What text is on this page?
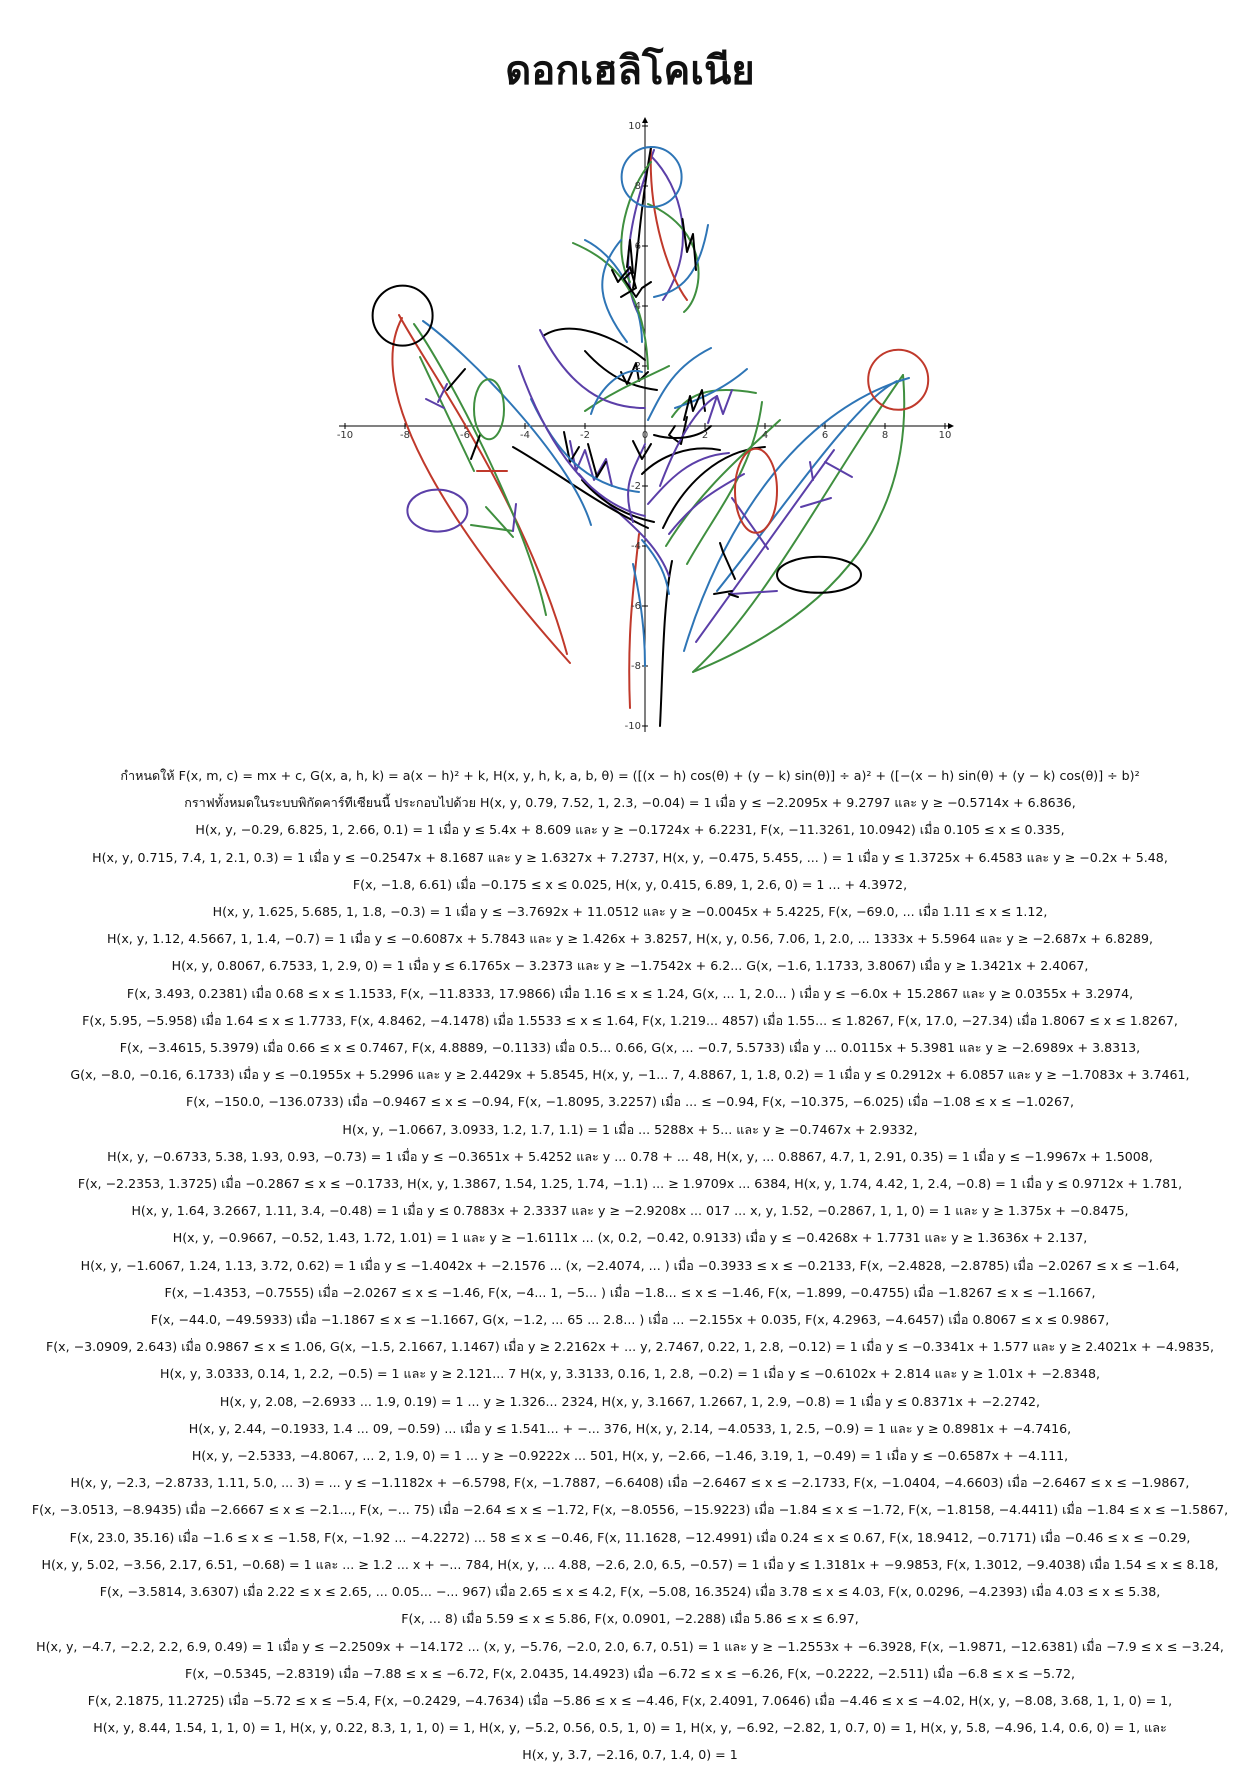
ดอกเฮลิโคเนีย
-10	-8	-6	-4	-2	0	2	4	6	8	10
10
8
6
4
2
-2
-4
-6
-8
-10
กำหนดให้ F(x, m, c) = mx + c, G(x, a, h, k) = a(x − h)² + k, H(x, y, h, k, a, b, θ) = ([(x − h) cos(θ) + (y − k) sin(θ)] ÷ a)² + ([−(x − h) sin(θ) + (y − k) cos(θ)] ÷ b)²
กราฟทั้งหมดในระบบพิกัดคาร์ทีเซียนนี้ ประกอบไปด้วย H(x, y, 0.79, 7.52, 1, 2.3, −0.04) = 1 เมื่อ y ≤ −2.2095x + 9.2797 และ y ≥ −0.5714x + 6.8636,
H(x, y, −0.29, 6.825, 1, 2.66, 0.1) = 1 เมื่อ y ≤ 5.4x + 8.609 และ y ≥ −0.1724x + 6.2231, F(x, −11.3261, 10.0942) เมื่อ 0.105 ≤ x ≤ 0.335,
H(x, y, 0.715, 7.4, 1, 2.1, 0.3) = 1 เมื่อ y ≤ −0.2547x + 8.1687 และ y ≥ 1.6327x + 7.2737, H(x, y, −0.475, 5.455, ... ) = 1 เมื่อ y ≤ 1.3725x + 6.4583 และ y ≥ −0.2x + 5.48,
F(x, −1.8, 6.61) เมื่อ −0.175 ≤ x ≤ 0.025, H(x, y, 0.415, 6.89, 1, 2.6, 0) = 1 ... + 4.3972,
H(x, y, 1.625, 5.685, 1, 1.8, −0.3) = 1 เมื่อ y ≤ −3.7692x + 11.0512 และ y ≥ −0.0045x + 5.4225, F(x, −69.0, ... เมื่อ 1.11 ≤ x ≤ 1.12,
H(x, y, 1.12, 4.5667, 1, 1.4, −0.7) = 1 เมื่อ y ≤ −0.6087x + 5.7843 และ y ≥ 1.426x + 3.8257, H(x, y, 0.56, 7.06, 1, 2.0, ... 1333x + 5.5964 และ y ≥ −2.687x + 6.8289,
H(x, y, 0.8067, 6.7533, 1, 2.9, 0) = 1 เมื่อ y ≤ 6.1765x − 3.2373 และ y ≥ −1.7542x + 6.2... G(x, −1.6, 1.1733, 3.8067) เมื่อ y ≥ 1.3421x + 2.4067,
F(x, 3.493, 0.2381) เมื่อ 0.68 ≤ x ≤ 1.1533, F(x, −11.8333, 17.9866) เมื่อ 1.16 ≤ x ≤ 1.24, G(x, ... 1, 2.0... ) เมื่อ y ≤ −6.0x + 15.2867 และ y ≥ 0.0355x + 3.2974,
F(x, 5.95, −5.958) เมื่อ 1.64 ≤ x ≤ 1.7733, F(x, 4.8462, −4.1478) เมื่อ 1.5533 ≤ x ≤ 1.64, F(x, 1.219... 4857) เมื่อ 1.55... ≤ 1.8267, F(x, 17.0, −27.34) เมื่อ 1.8067 ≤ x ≤ 1.8267,
F(x, −3.4615, 5.3979) เมื่อ 0.66 ≤ x ≤ 0.7467, F(x, 4.8889, −0.1133) เมื่อ 0.5... 0.66, G(x, ... −0.7, 5.5733) เมื่อ y ... 0.0115x + 5.3981 และ y ≥ −2.6989x + 3.8313,
G(x, −8.0, −0.16, 6.1733) เมื่อ y ≤ −0.1955x + 5.2996 และ y ≥ 2.4429x + 5.8545, H(x, y, −1... 7, 4.8867, 1, 1.8, 0.2) = 1 เมื่อ y ≤ 0.2912x + 6.0857 และ y ≥ −1.7083x + 3.7461,
F(x, −150.0, −136.0733) เมื่อ −0.9467 ≤ x ≤ −0.94, F(x, −1.8095, 3.2257) เมื่อ ... ≤ −0.94, F(x, −10.375, −6.025) เมื่อ −1.08 ≤ x ≤ −1.0267,
H(x, y, −1.0667, 3.0933, 1.2, 1.7, 1.1) = 1 เมื่อ ... 5288x + 5... และ y ≥ −0.7467x + 2.9332,
H(x, y, −0.6733, 5.38, 1.93, 0.93, −0.73) = 1 เมื่อ y ≤ −0.3651x + 5.4252 และ y ... 0.78 + ... 48, H(x, y, ... 0.8867, 4.7, 1, 2.91, 0.35) = 1 เมื่อ y ≤ −1.9967x + 1.5008,
F(x, −2.2353, 1.3725) เมื่อ −0.2867 ≤ x ≤ −0.1733, H(x, y, 1.3867, 1.54, 1.25, 1.74, −1.1) ... ≥ 1.9709x ... 6384, H(x, y, 1.74, 4.42, 1, 2.4, −0.8) = 1 เมื่อ y ≤ 0.9712x + 1.781,
H(x, y, 1.64, 3.2667, 1.11, 3.4, −0.48) = 1 เมื่อ y ≤ 0.7883x + 2.3337 และ y ≥ −2.9208x ... 017 ... x, y, 1.52, −0.2867, 1, 1, 0) = 1 และ y ≥ 1.375x + −0.8475,
H(x, y, −0.9667, −0.52, 1.43, 1.72, 1.01) = 1 และ y ≥ −1.6111x ... (x, 0.2, −0.42, 0.9133) เมื่อ y ≤ −0.4268x + 1.7731 และ y ≥ 1.3636x + 2.137,
H(x, y, −1.6067, 1.24, 1.13, 3.72, 0.62) = 1 เมื่อ y ≤ −1.4042x + −2.1576 ... (x, −2.4074, ... ) เมื่อ −0.3933 ≤ x ≤ −0.2133, F(x, −2.4828, −2.8785) เมื่อ −2.0267 ≤ x ≤ −1.64,
F(x, −1.4353, −0.7555) เมื่อ −2.0267 ≤ x ≤ −1.46, F(x, −4... 1, −5... ) เมื่อ −1.8... ≤ x ≤ −1.46, F(x, −1.899, −0.4755) เมื่อ −1.8267 ≤ x ≤ −1.1667,
F(x, −44.0, −49.5933) เมื่อ −1.1867 ≤ x ≤ −1.1667, G(x, −1.2, ... 65 ... 2.8... ) เมื่อ ... −2.155x + 0.035, F(x, 4.2963, −4.6457) เมื่อ 0.8067 ≤ x ≤ 0.9867,
F(x, −3.0909, 2.643) เมื่อ 0.9867 ≤ x ≤ 1.06, G(x, −1.5, 2.1667, 1.1467) เมื่อ y ≥ 2.2162x + ... y, 2.7467, 0.22, 1, 2.8, −0.12) = 1 เมื่อ y ≤ −0.3341x + 1.577 และ y ≥ 2.4021x + −4.9835,
H(x, y, 3.0333, 0.14, 1, 2.2, −0.5) = 1 และ y ≥ 2.121... 7 H(x, y, 3.3133, 0.16, 1, 2.8, −0.2) = 1 เมื่อ y ≤ −0.6102x + 2.814 และ y ≥ 1.01x + −2.8348,
H(x, y, 2.08, −2.6933 ... 1.9, 0.19) = 1 ... y ≥ 1.326... 2324, H(x, y, 3.1667, 1.2667, 1, 2.9, −0.8) = 1 เมื่อ y ≤ 0.8371x + −2.2742,
H(x, y, 2.44, −0.1933, 1.4 ... 09, −0.59) ... เมื่อ y ≤ 1.541... + −... 376, H(x, y, 2.14, −4.0533, 1, 2.5, −0.9) = 1 และ y ≥ 0.8981x + −4.7416,
H(x, y, −2.5333, −4.8067, ... 2, 1.9, 0) = 1 ... y ≥ −0.9222x ... 501, H(x, y, −2.66, −1.46, 3.19, 1, −0.49) = 1 เมื่อ y ≤ −0.6587x + −4.111,
H(x, y, −2.3, −2.8733, 1.11, 5.0, ... 3) = ... y ≤ −1.1182x + −6.5798, F(x, −1.7887, −6.6408) เมื่อ −2.6467 ≤ x ≤ −2.1733, F(x, −1.0404, −4.6603) เมื่อ −2.6467 ≤ x ≤ −1.9867,
F(x, −3.0513, −8.9435) เมื่อ −2.6667 ≤ x ≤ −2.1..., F(x, −... 75) เมื่อ −2.64 ≤ x ≤ −1.72, F(x, −8.0556, −15.9223) เมื่อ −1.84 ≤ x ≤ −1.72, F(x, −1.8158, −4.4411) เมื่อ −1.84 ≤ x ≤ −1.5867,
F(x, 23.0, 35.16) เมื่อ −1.6 ≤ x ≤ −1.58, F(x, −1.92 ... −4.2272) ... 58 ≤ x ≤ −0.46, F(x, 11.1628, −12.4991) เมื่อ 0.24 ≤ x ≤ 0.67, F(x, 18.9412, −0.7171) เมื่อ −0.46 ≤ x ≤ −0.29,
H(x, y, 5.02, −3.56, 2.17, 6.51, −0.68) = 1 และ ... ≥ 1.2 ... x + −... 784, H(x, y, ... 4.88, −2.6, 2.0, 6.5, −0.57) = 1 เมื่อ y ≤ 1.3181x + −9.9853, F(x, 1.3012, −9.4038) เมื่อ 1.54 ≤ x ≤ 8.18,
F(x, −3.5814, 3.6307) เมื่อ 2.22 ≤ x ≤ 2.65, ... 0.05... −... 967) เมื่อ 2.65 ≤ x ≤ 4.2, F(x, −5.08, 16.3524) เมื่อ 3.78 ≤ x ≤ 4.03, F(x, 0.0296, −4.2393) เมื่อ 4.03 ≤ x ≤ 5.38,
F(x, ... 8) เมื่อ 5.59 ≤ x ≤ 5.86, F(x, 0.0901, −2.288) เมื่อ 5.86 ≤ x ≤ 6.97,
H(x, y, −4.7, −2.2, 2.2, 6.9, 0.49) = 1 เมื่อ y ≤ −2.2509x + −14.172 ... (x, y, −5.76, −2.0, 2.0, 6.7, 0.51) = 1 และ y ≥ −1.2553x + −6.3928, F(x, −1.9871, −12.6381) เมื่อ −7.9 ≤ x ≤ −3.24,
F(x, −0.5345, −2.8319) เมื่อ −7.88 ≤ x ≤ −6.72, F(x, 2.0435, 14.4923) เมื่อ −6.72 ≤ x ≤ −6.26, F(x, −0.2222, −2.511) เมื่อ −6.8 ≤ x ≤ −5.72,
F(x, 2.1875, 11.2725) เมื่อ −5.72 ≤ x ≤ −5.4, F(x, −0.2429, −4.7634) เมื่อ −5.86 ≤ x ≤ −4.46, F(x, 2.4091, 7.0646) เมื่อ −4.46 ≤ x ≤ −4.02, H(x, y, −8.08, 3.68, 1, 1, 0) = 1,
H(x, y, 8.44, 1.54, 1, 1, 0) = 1, H(x, y, 0.22, 8.3, 1, 1, 0) = 1, H(x, y, −5.2, 0.56, 0.5, 1, 0) = 1, H(x, y, −6.92, −2.82, 1, 0.7, 0) = 1, H(x, y, 5.8, −4.96, 1.4, 0.6, 0) = 1, และ
H(x, y, 3.7, −2.16, 0.7, 1.4, 0) = 1
